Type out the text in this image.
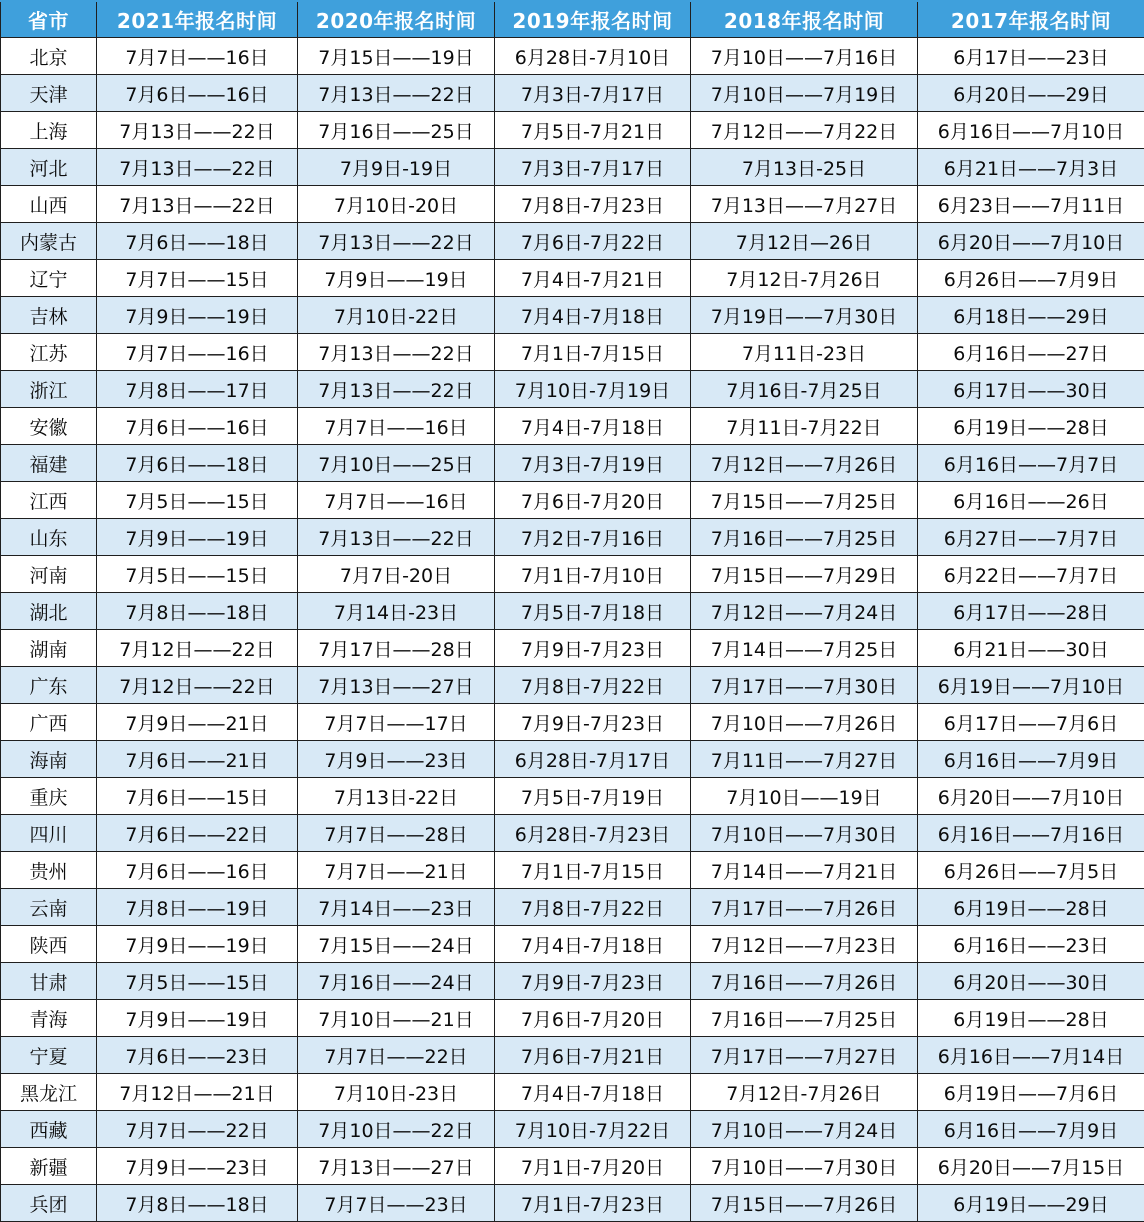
省市	2021年报名时间	2020年报名时间	2019年报名时间	2018年报名时间	2017年报名时间
北京	7月7日——16日	7月15日——19日	6月28日-7月10日	7月10日——7月16日	6月17日——23日
天津	7月6日——16日	7月13日——22日	7月3日-7月17日	7月10日——7月19日	6月20日——29日
上海	7月13日——22日	7月16日——25日	7月5日-7月21日	7月12日——7月22日	6月16日——7月10日
河北	7月13日——22日	7月9日-19日	7月3日-7月17日	7月13日-25日	6月21日——7月3日
山西	7月13日——22日	7月10日-20日	7月8日-7月23日	7月13日——7月27日	6月23日——7月11日
内蒙古	7月6日——18日	7月13日——22日	7月6日-7月22日	7月12日—26日	6月20日——7月10日
辽宁	7月7日——15日	7月9日——19日	7月4日-7月21日	7月12日-7月26日	6月26日——7月9日
吉林	7月9日——19日	7月10日-22日	7月4日-7月18日	7月19日——7月30日	6月18日——29日
江苏	7月7日——16日	7月13日——22日	7月1日-7月15日	7月11日-23日	6月16日——27日
浙江	7月8日——17日	7月13日——22日	7月10日-7月19日	7月16日-7月25日	6月17日——30日
安徽	7月6日——16日	7月7日——16日	7月4日-7月18日	7月11日-7月22日	6月19日——28日
福建	7月6日——18日	7月10日——25日	7月3日-7月19日	7月12日——7月26日	6月16日——7月7日
江西	7月5日——15日	7月7日——16日	7月6日-7月20日	7月15日——7月25日	6月16日——26日
山东	7月9日——19日	7月13日——22日	7月2日-7月16日	7月16日——7月25日	6月27日——7月7日
河南	7月5日——15日	7月7日-20日	7月1日-7月10日	7月15日——7月29日	6月22日——7月7日
湖北	7月8日——18日	7月14日-23日	7月5日-7月18日	7月12日——7月24日	6月17日——28日
湖南	7月12日——22日	7月17日——28日	7月9日-7月23日	7月14日——7月25日	6月21日——30日
广东	7月12日——22日	7月13日——27日	7月8日-7月22日	7月17日——7月30日	6月19日——7月10日
广西	7月9日——21日	7月7日——17日	7月9日-7月23日	7月10日——7月26日	6月17日——7月6日
海南	7月6日——21日	7月9日——23日	6月28日-7月17日	7月11日——7月27日	6月16日——7月9日
重庆	7月6日——15日	7月13日-22日	7月5日-7月19日	7月10日——19日	6月20日——7月10日
四川	7月6日——22日	7月7日——28日	6月28日-7月23日	7月10日——7月30日	6月16日——7月16日
贵州	7月6日——16日	7月7日——21日	7月1日-7月15日	7月14日——7月21日	6月26日——7月5日
云南	7月8日——19日	7月14日——23日	7月8日-7月22日	7月17日——7月26日	6月19日——28日
陕西	7月9日——19日	7月15日——24日	7月4日-7月18日	7月12日——7月23日	6月16日——23日
甘肃	7月5日——15日	7月16日——24日	7月9日-7月23日	7月16日——7月26日	6月20日——30日
青海	7月9日——19日	7月10日——21日	7月6日-7月20日	7月16日——7月25日	6月19日——28日
宁夏	7月6日——23日	7月7日——22日	7月6日-7月21日	7月17日——7月27日	6月16日——7月14日
黑龙江	7月12日——21日	7月10日-23日	7月4日-7月18日	7月12日-7月26日	6月19日——7月6日
西藏	7月7日——22日	7月10日——22日	7月10日-7月22日	7月10日——7月24日	6月16日——7月9日
新疆	7月9日——23日	7月13日——27日	7月1日-7月20日	7月10日——7月30日	6月20日——7月15日
兵团	7月8日——18日	7月7日——23日	7月1日-7月23日	7月15日——7月26日	6月19日——29日
